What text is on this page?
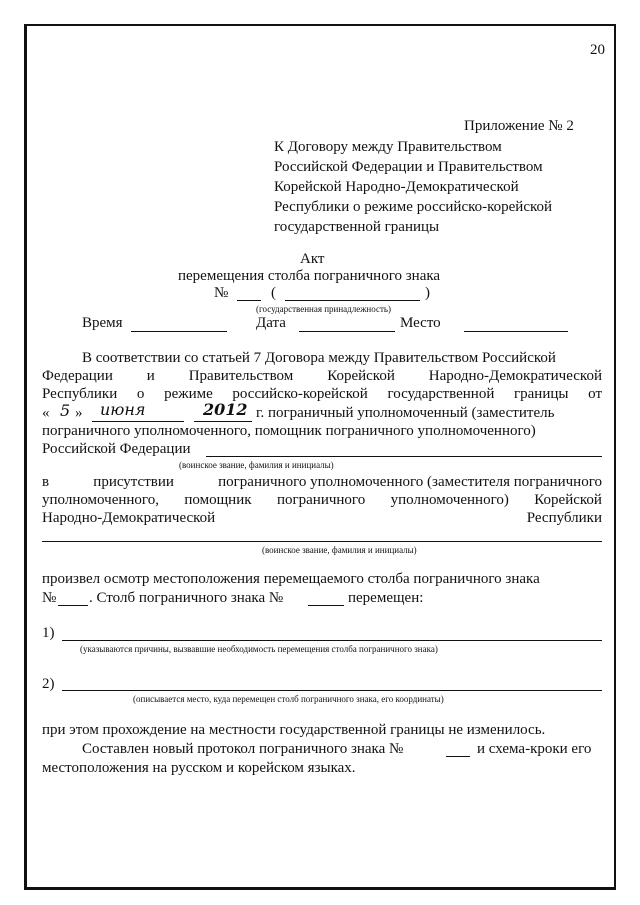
20
Приложение № 2
К Договору между Правительством
Российской Федерации и Правительством
Корейской Народно-Демократической
Республики о режиме российско-корейской
государственной границы
Акт
перемещения столба пограничного знака
№	(	)
(государственная принадлежность)
Время	Дата	Место
В соответствии со статьей 7 Договора между Правительством Российской
Федерации и Правительством Корейской Народно-Демократической
Республики о режиме российско-корейской государственной границы от
« 5 » июня	2012 г. пограничный уполномоченный (заместитель
пограничного уполномоченного, помощник пограничного уполномоченного)
Российской Федерации
(воинское звание, фамилия и инициалы)
в	присутствии	пограничного уполномоченного (заместителя пограничного
уполномоченного, помощник пограничного уполномоченного) Корейской
Народно-Демократической	Республики
(воинское звание, фамилия и инициалы)
произвел осмотр местоположения перемещаемого столба пограничного знака
№ . Столб пограничного знака №	перемещен:
1)
(указываются причины, вызвавшие необходимость перемещения столба пограничного знака)
2)
(описывается место, куда перемещен столб пограничного знака, его координаты)
при этом прохождение на местности государственной границы не изменилось.
Составлен новый протокол пограничного знака №	и схема-кроки его
местоположения на русском и корейском языках.
